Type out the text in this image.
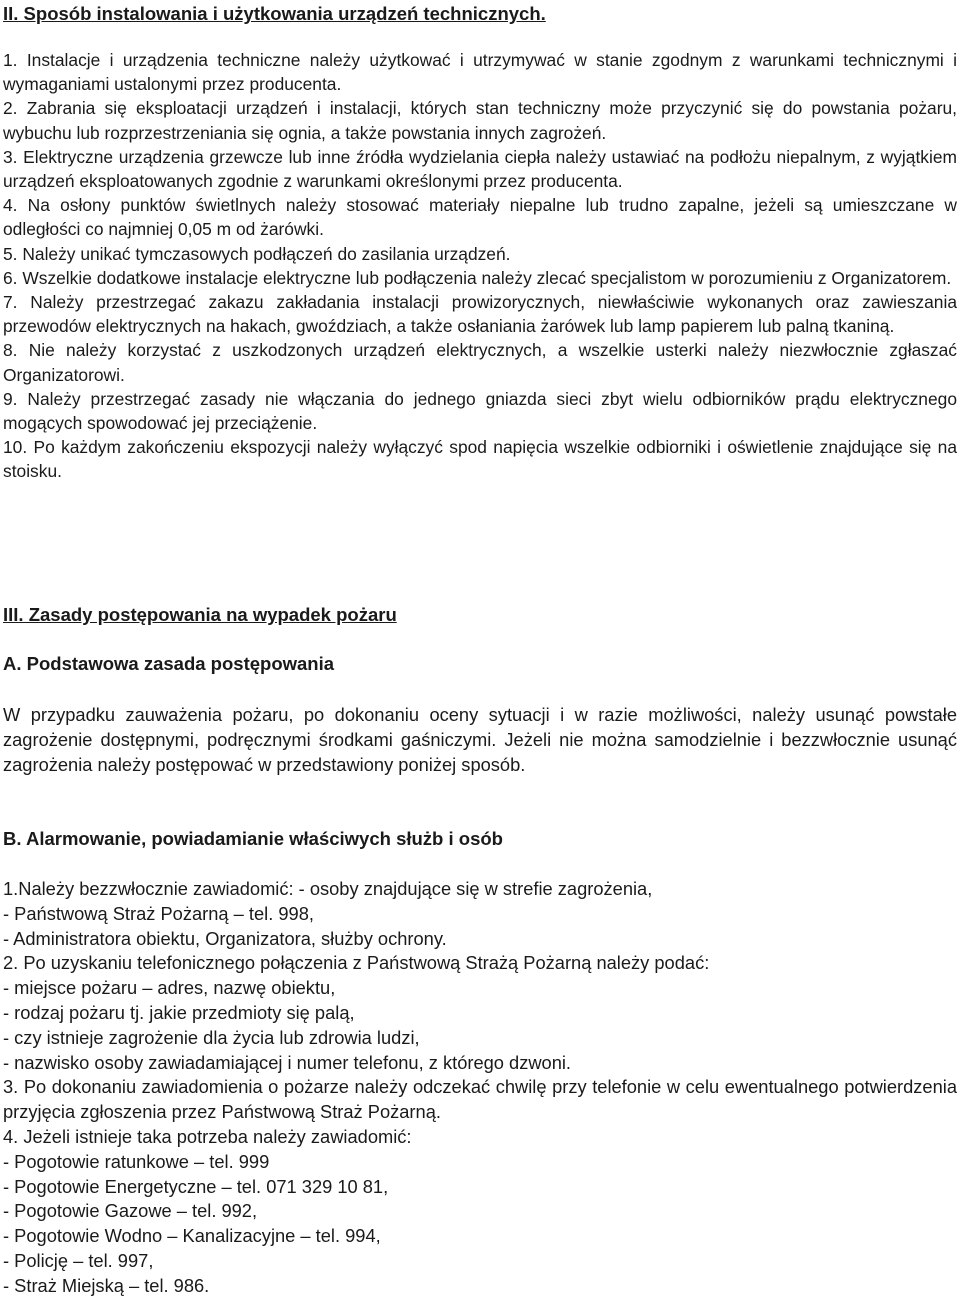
II. Sposób instalowania i użytkowania urządzeń technicznych.

1. Instalacje i urządzenia techniczne należy użytkować i utrzymywać w stanie zgodnym z warunkami technicznymi i wymaganiami ustalonymi przez producenta.

2. Zabrania się eksploatacji urządzeń i instalacji, których stan techniczny może przyczynić się do powstania pożaru, wybuchu lub rozprzestrzeniania się ognia, a także powstania innych zagrożeń.

3. Elektryczne urządzenia grzewcze lub inne źródła wydzielania ciepła należy ustawiać na podłożu niepalnym, z wyjątkiem urządzeń eksploatowanych zgodnie z warunkami określonymi przez producenta.

4. Na osłony punktów świetlnych należy stosować materiały niepalne lub trudno zapalne, jeżeli są umieszczane w odległości co najmniej 0,05 m od żarówki.

5. Należy unikać tymczasowych podłączeń do zasilania urządzeń.

6. Wszelkie dodatkowe instalacje elektryczne lub podłączenia należy zlecać specjalistom w porozumieniu z Organizatorem.

7. Należy przestrzegać zakazu zakładania instalacji prowizorycznych, niewłaściwie wykonanych oraz zawieszania przewodów elektrycznych na hakach, gwoździach, a także osłaniania żarówek lub lamp papierem lub palną tkaniną.

8. Nie należy korzystać z uszkodzonych urządzeń elektrycznych, a wszelkie usterki należy niezwłocznie zgłaszać Organizatorowi.

9. Należy przestrzegać zasady nie włączania do jednego gniazda sieci zbyt wielu odbiorników prądu elektrycznego mogących spowodować jej przeciążenie.

10. Po każdym zakończeniu ekspozycji należy wyłączyć spod napięcia wszelkie odbiorniki i oświetlenie znajdujące się na stoisku.

III. Zasady postępowania na wypadek pożaru
A. Podstawowa zasada postępowania

W przypadku zauważenia pożaru, po dokonaniu oceny sytuacji i w razie możliwości, należy usunąć powstałe zagrożenie dostępnymi, podręcznymi środkami gaśniczymi. Jeżeli nie można samodzielnie i bezzwłocznie usunąć zagrożenia należy postępować w przedstawiony poniżej sposób.

B. Alarmowanie, powiadamianie właściwych służb i osób
1.Należy bezzwłocznie zawiadomić: - osoby znajdujące się w strefie zagrożenia,
- Państwową Straż Pożarną – tel. 998,
- Administratora obiektu, Organizatora, służby ochrony.
2. Po uzyskaniu telefonicznego połączenia z Państwową Strażą Pożarną należy podać:
- miejsce pożaru – adres, nazwę obiektu,
- rodzaj pożaru tj. jakie przedmioty się palą,
- czy istnieje zagrożenie dla życia lub zdrowia ludzi,
- nazwisko osoby zawiadamiającej i numer telefonu, z którego dzwoni.

3. Po dokonaniu zawiadomienia o pożarze należy odczekać chwilę przy telefonie w celu ewentualnego potwierdzenia przyjęcia zgłoszenia przez Państwową Straż Pożarną.

4. Jeżeli istnieje taka potrzeba należy zawiadomić:
- Pogotowie ratunkowe – tel. 999
- Pogotowie Energetyczne – tel. 071 329 10 81,
- Pogotowie Gazowe – tel. 992,
- Pogotowie Wodno – Kanalizacyjne – tel. 994,
- Policję – tel. 997,
- Straż Miejską – tel. 986.
